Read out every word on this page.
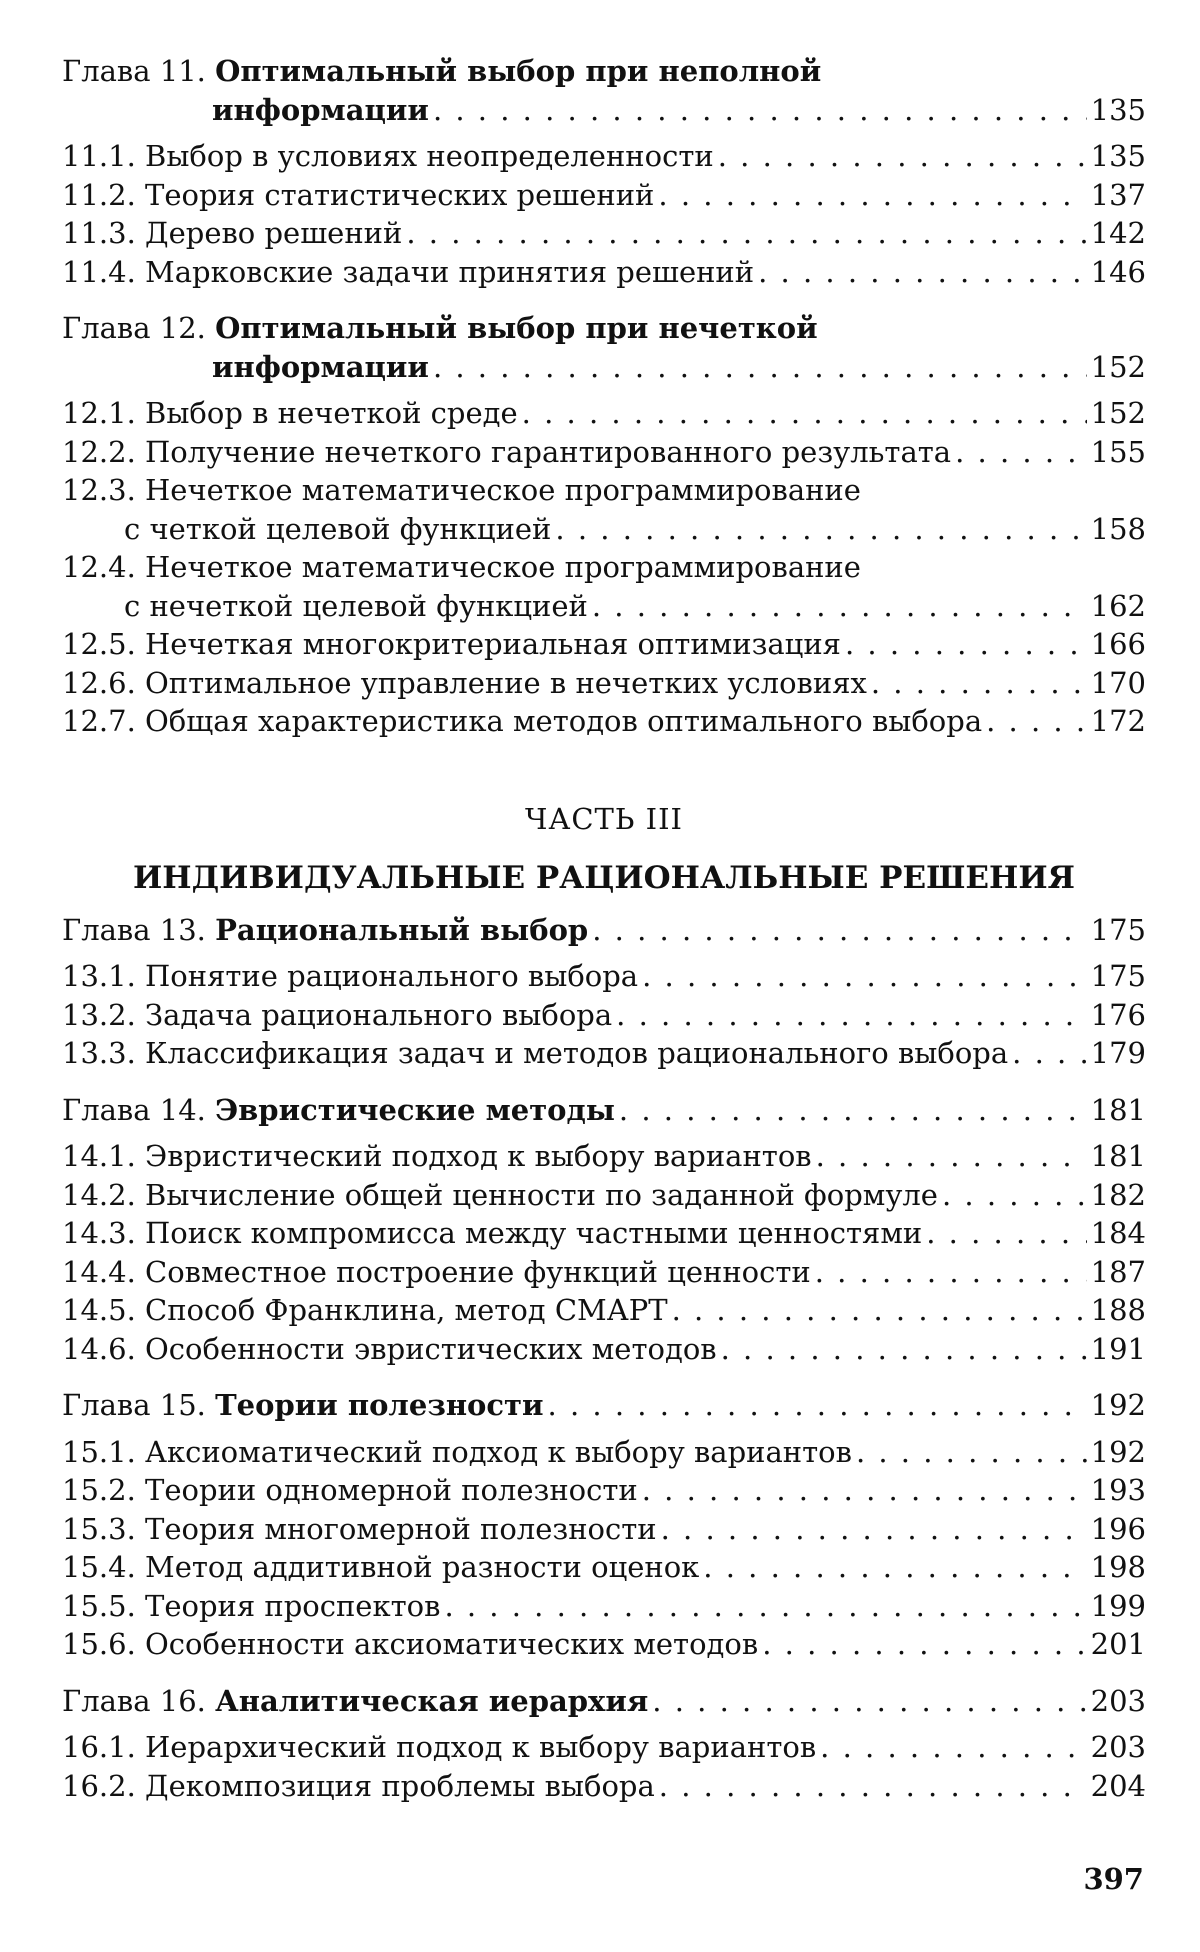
Глава 11. Оптимальный выбор при неполной
информации . . .	135
11.1. Выбор в условиях неопределенности . . .	135
11.2. Теория статистических решений . . .	137
11.3. Дерево решений . . .	142
11.4. Марковские задачи принятия решений . . .	146
Глава 12. Оптимальный выбор при нечеткой
информации . . .	152
12.1. Выбор в нечеткой среде . . .	152
12.2. Получение нечеткого гарантированного результата . . .	155
12.3. Нечеткое математическое программирование
с четкой целевой функцией . . .	158
12.4. Нечеткое математическое программирование
с нечеткой целевой функцией . . .	162
12.5. Нечеткая многокритериальная оптимизация . . .	166
12.6. Оптимальное управление в нечетких условиях . . .	170
12.7. Общая характеристика методов оптимального выбора . . .	172
ЧАСТЬ III
ИНДИВИДУАЛЬНЫЕ РАЦИОНАЛЬНЫЕ РЕШЕНИЯ
Глава 13. Рациональный выбор . . .	175
13.1. Понятие рационального выбора . . .	175
13.2. Задача рационального выбора . . .	176
13.3. Классификация задач и методов рационального выбора . . .	179
Глава 14. Эвристические методы . . .	181
14.1. Эвристический подход к выбору вариантов . . .	181
14.2. Вычисление общей ценности по заданной формуле . . .	182
14.3. Поиск компромисса между частными ценностями . . .	184
14.4. Совместное построение функций ценности . . .	187
14.5. Способ Франклина, метод СМАРТ . . .	188
14.6. Особенности эвристических методов . . .	191
Глава 15. Теории полезности . . .	192
15.1. Аксиоматический подход к выбору вариантов . . .	192
15.2. Теории одномерной полезности . . .	193
15.3. Теория многомерной полезности . . .	196
15.4. Метод аддитивной разности оценок . . .	198
15.5. Теория проспектов . . .	199
15.6. Особенности аксиоматических методов . . .	201
Глава 16. Аналитическая иерархия . . .	203
16.1. Иерархический подход к выбору вариантов . . .	203
16.2. Декомпозиция проблемы выбора . . .	204
397
